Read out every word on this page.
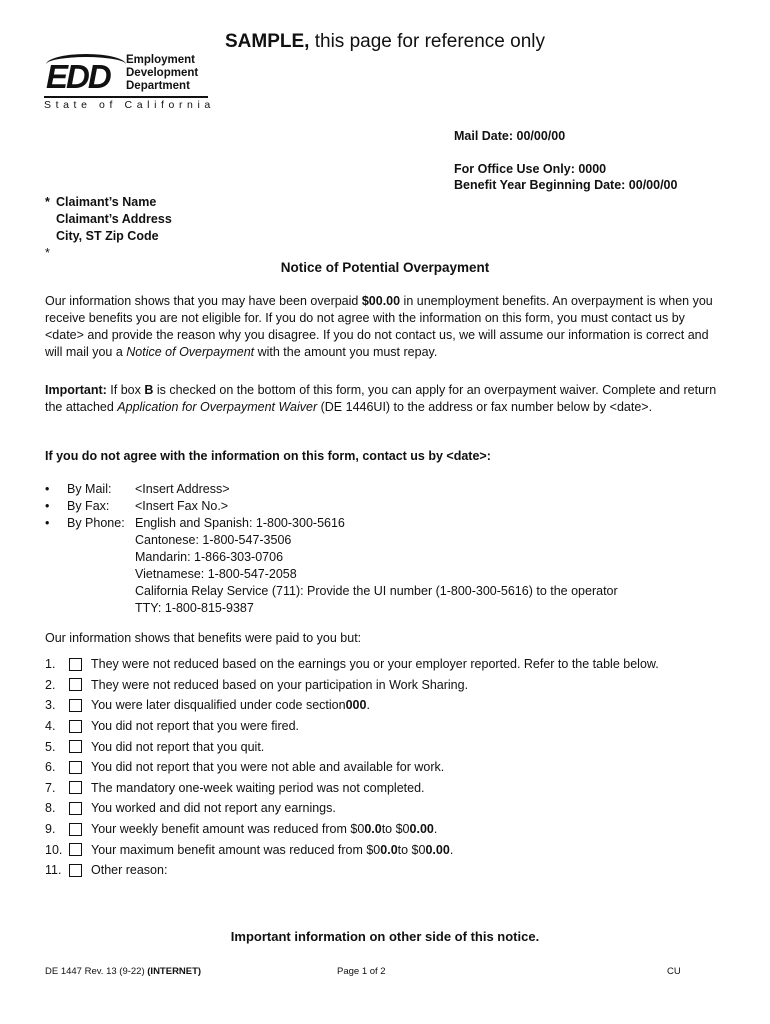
SAMPLE, this page for reference only
EDD Employment
Development
Department
State of California
Mail Date: 00/00/00
For Office Use Only: 0000
Benefit Year Beginning Date: 00/00/00
* Claimant’s Name
Claimant’s Address
City, ST Zip Code
*
Notice of Potential Overpayment
Our information shows that you may have been overpaid $00.00 in unemployment benefits. An overpayment is when you receive benefits you are not eligible for. If you do not agree with the information on this form, you must contact us by <date> and provide the reason why you disagree. If you do not contact us, we will assume our information is correct and will mail you a Notice of Overpayment with the amount you must repay.
Important: If box B is checked on the bottom of this form, you can apply for an overpayment waiver. Complete and return the attached Application for Overpayment Waiver (DE 1446UI) to the address or fax number below by <date>.
If you do not agree with the information on this form, contact us by <date>:
•	By Mail:	<Insert Address>
•	By Fax:	<Insert Fax No.>
•	By Phone: English and Spanish: 1-800-300-5616
Cantonese: 1-800-547-3506
Mandarin: 1-866-303-0706
Vietnamese: 1-800-547-2058
California Relay Service (711): Provide the UI number (1-800-300-5616) to the operator
TTY: 1-800-815-9387
Our information shows that benefits were paid to you but:
1.	They were not reduced based on the earnings you or your employer reported. Refer to the table below.
2.	They were not reduced based on your participation in Work Sharing.
3.	You were later disqualified under code section 000 .
4.	You did not report that you were fired.
5.	You did not report that you quit.
6.	You did not report that you were not able and available for work.
7.	The mandatory one-week waiting period was not completed.
8.	You worked and did not report any earnings.
9.	Your weekly benefit amount was reduced from $0 0.0 to $0 0.00 .
10.	Your maximum benefit amount was reduced from $0 0.0 to $0 0.00 .
11.	Other reason:
Important information on other side of this notice.
DE 1447 Rev. 13 (9-22) (INTERNET)	Page 1 of 2	CU
